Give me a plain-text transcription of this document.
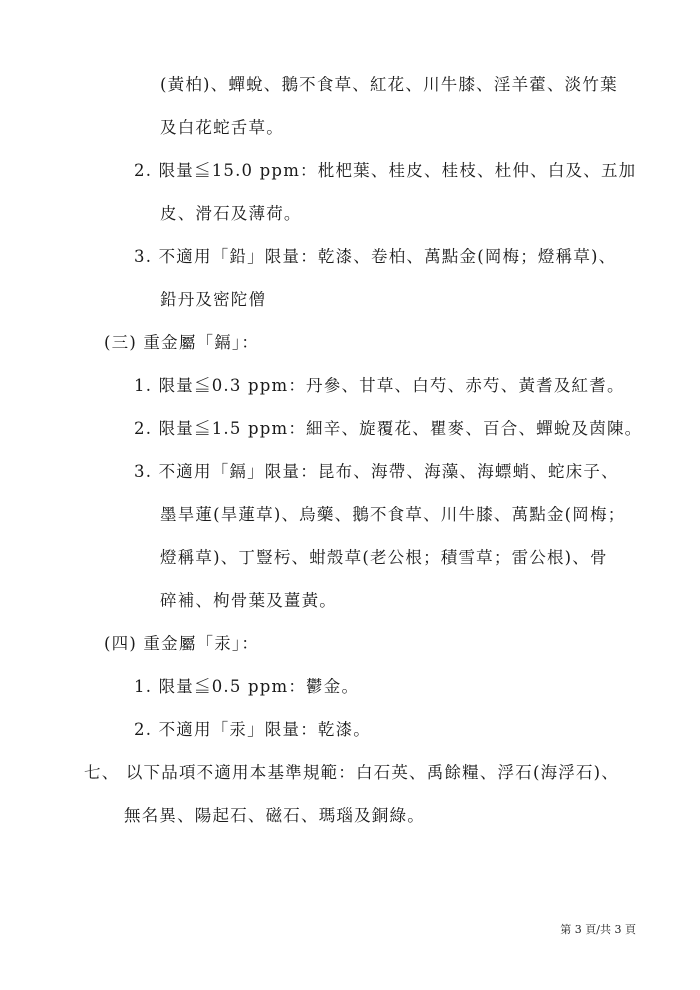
(黃柏)、蟬蛻、鵝不食草、紅花、川牛膝、淫羊藿、淡竹葉
及白花蛇舌草。
2. 限量≦15.0 ppm：枇杷葉、桂皮、桂枝、杜仲、白及、五加
皮、滑石及薄荷。
3. 不適用「鉛」限量：乾漆、卷柏、萬點金(岡梅；燈稱草)、
鉛丹及密陀僧
(三) 重金屬「鎘」：
1. 限量≦0.3 ppm：丹參、甘草、白芍、赤芍、黃耆及紅耆。
2. 限量≦1.5 ppm：細辛、旋覆花、瞿麥、百合、蟬蛻及茵陳。
3. 不適用「鎘」限量：昆布、海帶、海藻、海螵蛸、蛇床子、
墨旱蓮(旱蓮草)、烏藥、鵝不食草、川牛膝、萬點金(岡梅；
燈稱草)、丁豎杇、蚶殼草(老公根；積雪草；雷公根)、骨
碎補、枸骨葉及薑黃。
(四) 重金屬「汞」：
1. 限量≦0.5 ppm：鬱金。
2. 不適用「汞」限量：乾漆。
七、 以下品項不適用本基準規範：白石英、禹餘糧、浮石(海浮石)、
無名異、陽起石、磁石、瑪瑙及銅綠。
第 3 頁/共 3 頁
